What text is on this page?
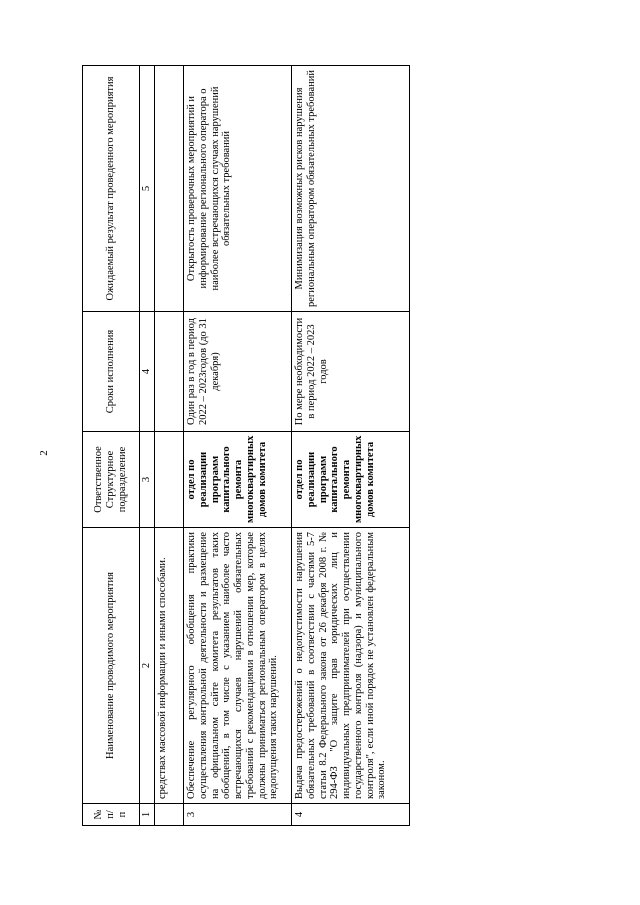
2
№ п/п	Наименование проводимого мероприятия	Ответственное Структурное подразделение	Сроки исполнения	Ожидаемый результат проведенного мероприятия
1	2	3	4	5
	средствах массовой информации и иными способами.			
3	Обеспечение регулярного обобщения практики осуществления контрольной деятельности и размещение на официальном сайте комитета результатов таких обобщений, в том числе с указанием наиболее часто встречающихся случаев нарушений обязательных требований с рекомендациями в отношении мер, которые должны приниматься региональным оператором в целях недопущения таких нарушений.	отдел по реализации программ капитального ремонта многоквартирных домов комитета	Один раз в год в период 2022 – 2023годов (до 31 декабря)	Открытость проверочных мероприятий и информирование регионального оператора о наиболее встречающихся случаях нарушений обязательных требований
4	Выдача предостережений о недопустимости нарушения обязательных требований в соответствии с частями 5-7 статьи 8.2 Федерального закона от 26 декабря 2008 г. № 294-ФЗ "О защите прав юридических лиц и индивидуальных предпринимателей при осуществлении государственного контроля (надзора) и муниципального контроля", если иной порядок не установлен федеральным законом.	отдел по реализации программ капитального ремонта многоквартирных домов комитета	По мере необходимости в период 2022 – 2023 годов	Минимизация возможных рисков нарушения региональным оператором обязательных требований
